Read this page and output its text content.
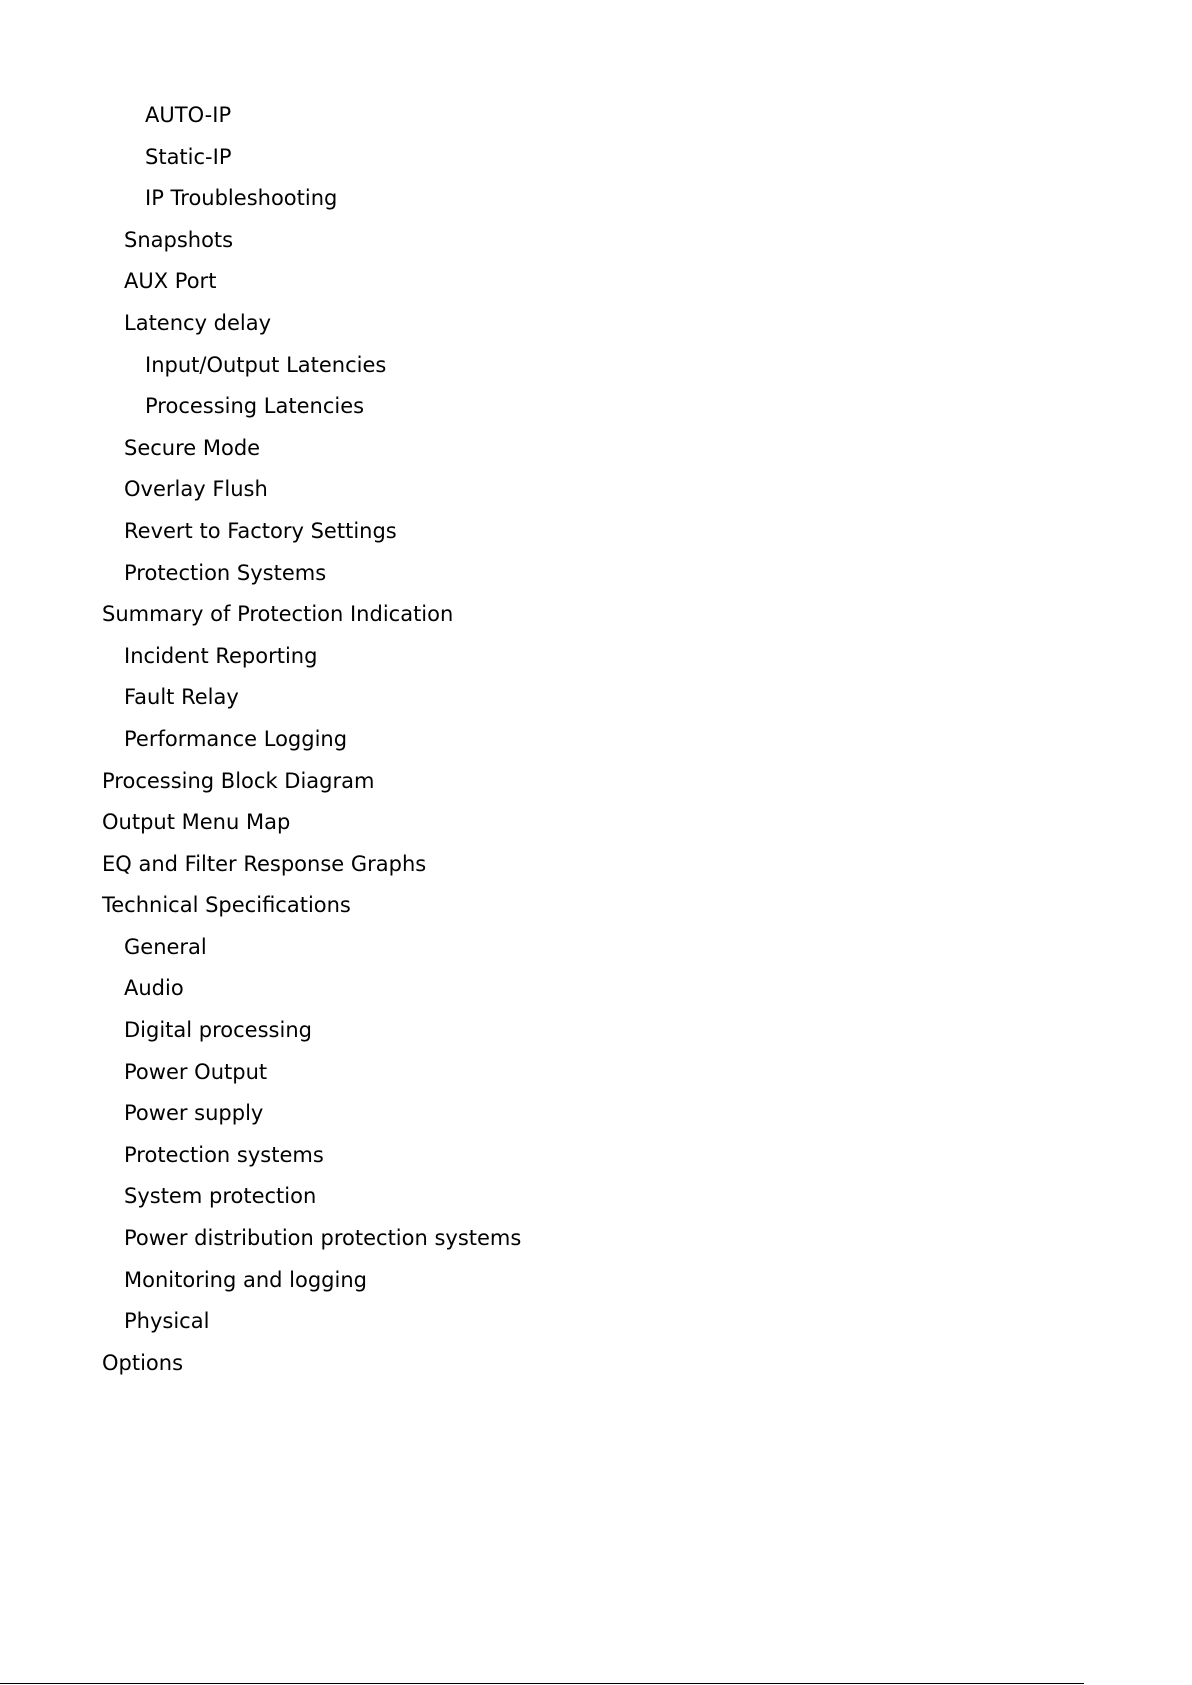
AUTO-IP
Static-IP
IP Troubleshooting
Snapshots
AUX Port
Latency delay
Input/Output Latencies
Processing Latencies
Secure Mode
Overlay Flush
Revert to Factory Settings
Protection Systems
Summary of Protection Indication
Incident Reporting
Fault Relay
Performance Logging
Processing Block Diagram
Output Menu Map
EQ and Filter Response Graphs
Technical Specifications
General
Audio
Digital processing
Power Output
Power supply
Protection systems
System protection
Power distribution protection systems
Monitoring and logging
Physical
Options
